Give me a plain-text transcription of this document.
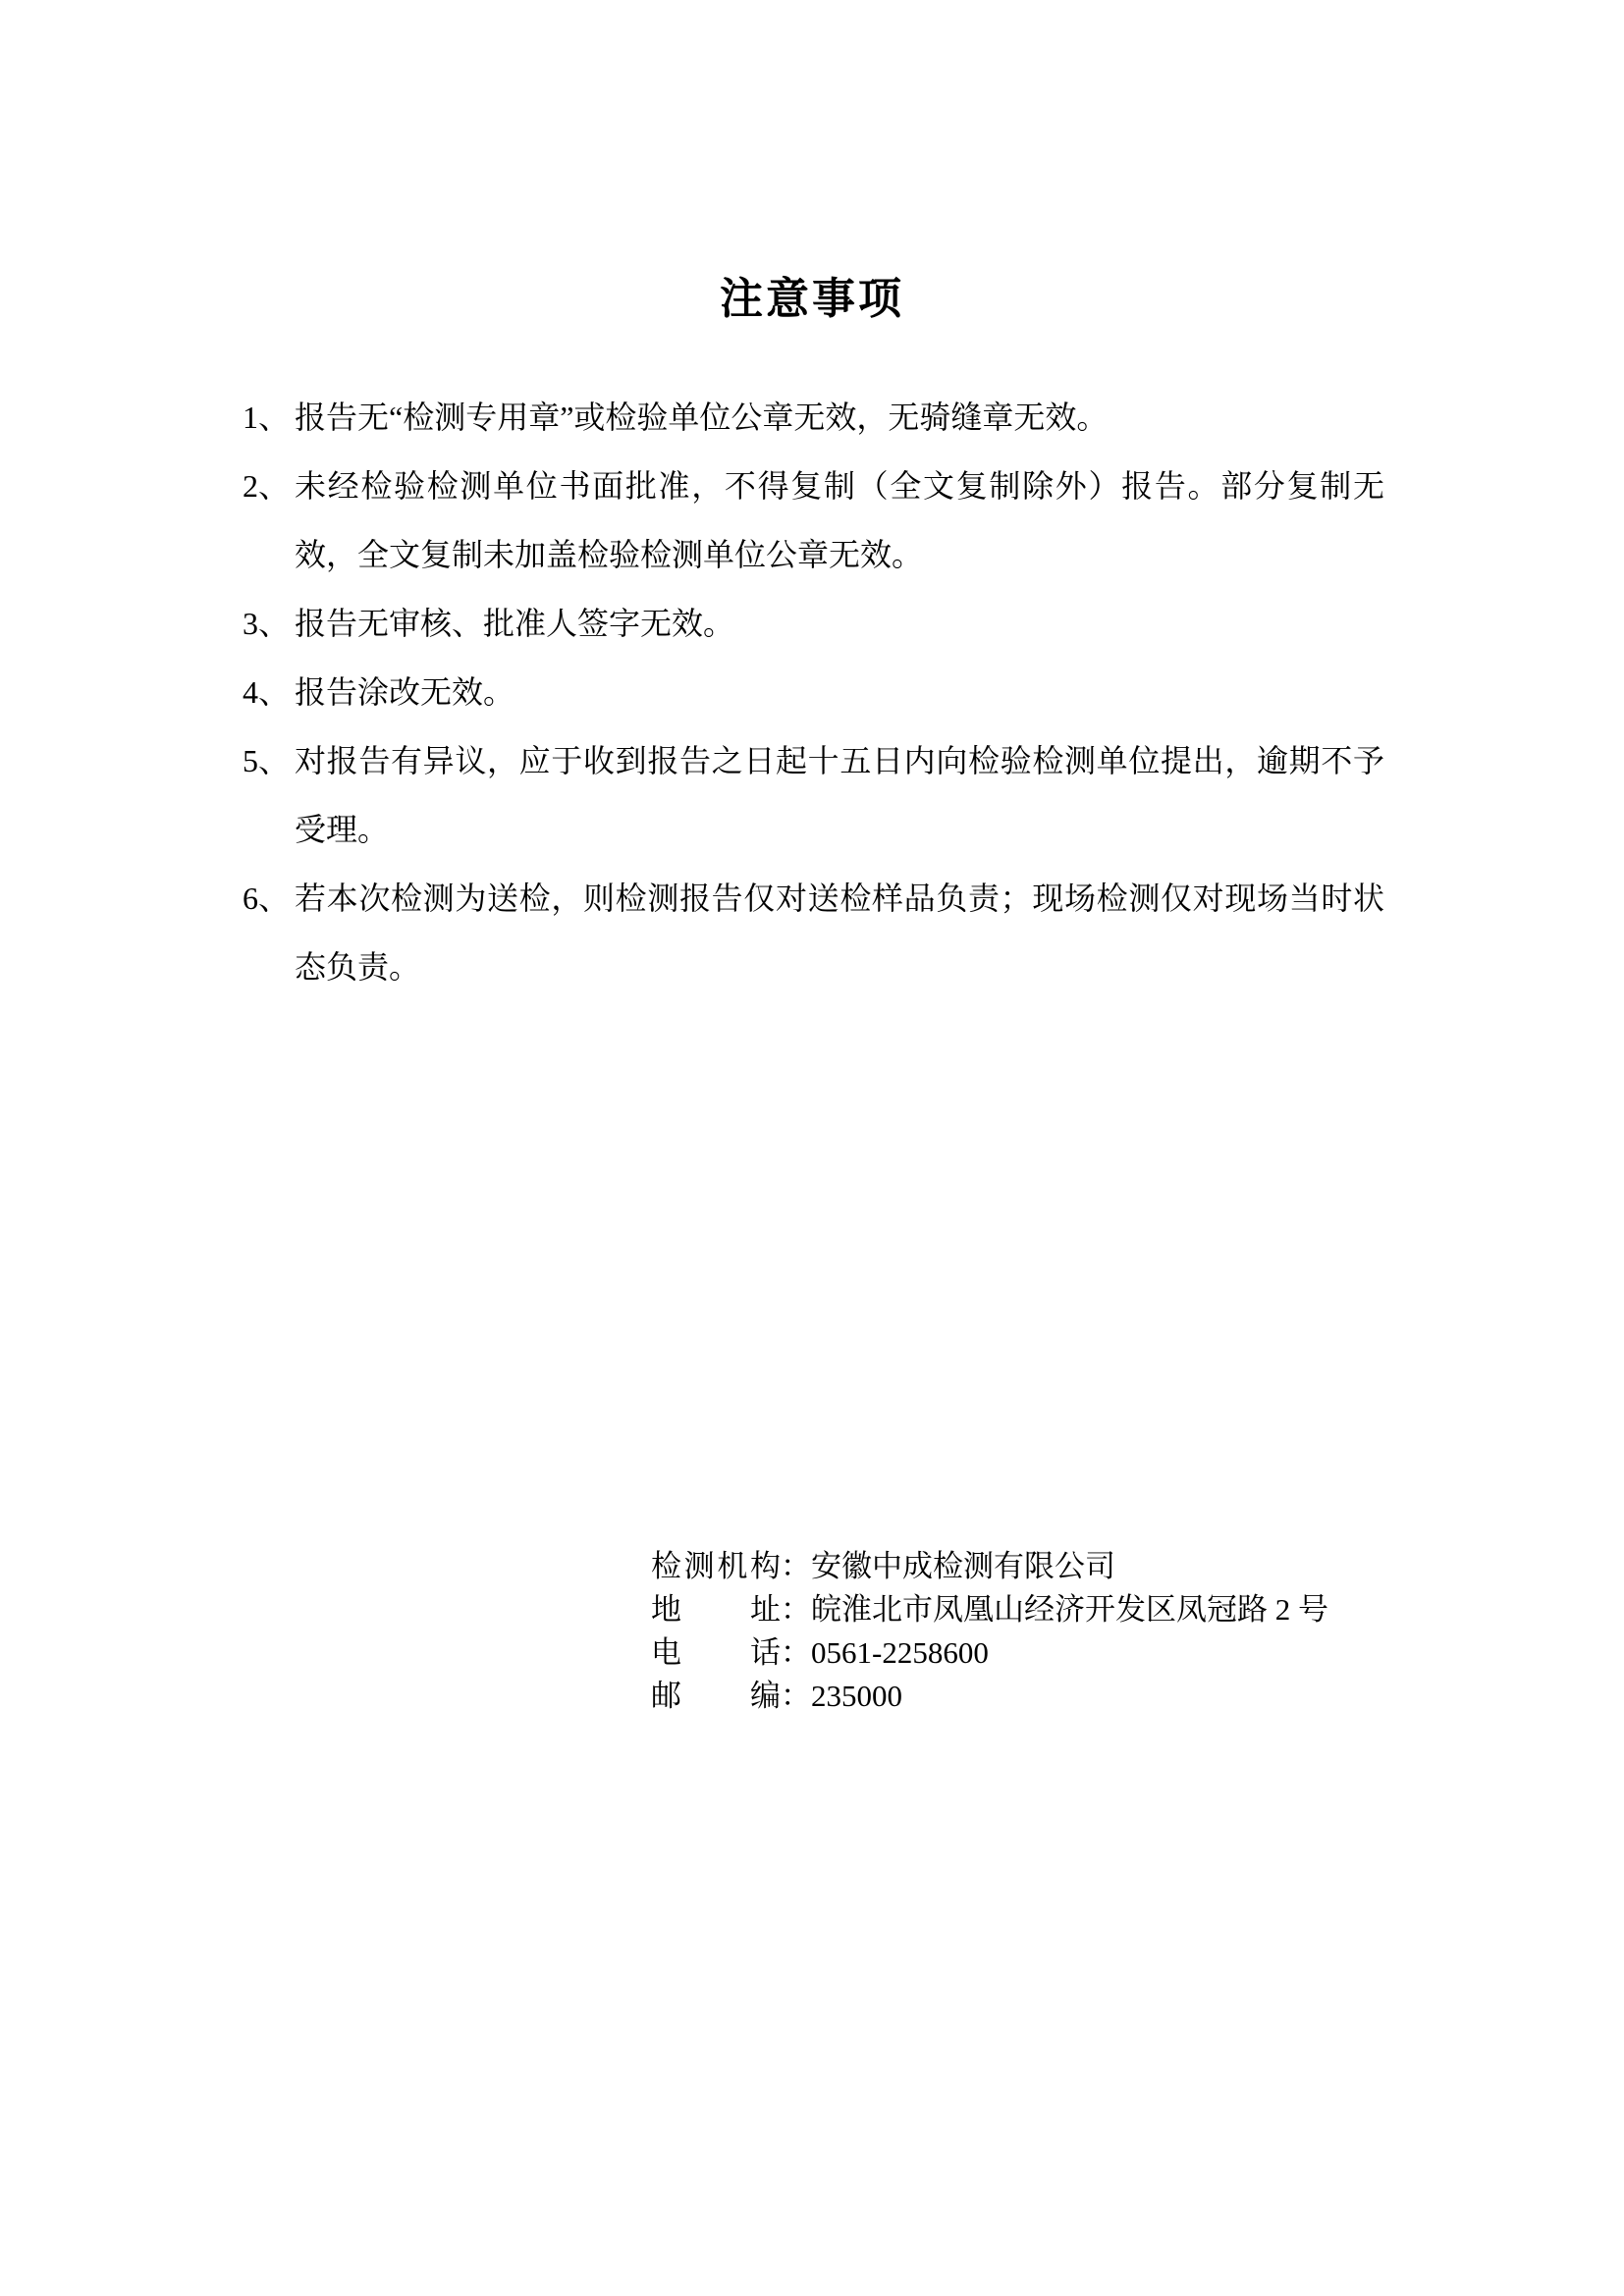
注意事项
1、 报告无“检测专用章”或检验单位公章无效，无骑缝章无效。
2、 未经检验检测单位书面批准，不得复制（全文复制除外）报告。部分复制无效，全文复制未加盖检验检测单位公章无效。
3、 报告无审核、批准人签字无效。
4、 报告涂改无效。
5、 对报告有异议，应于收到报告之日起十五日内向检验检测单位提出，逾期不予受理。
6、 若本次检测为送检，则检测报告仅对送检样品负责；现场检测仅对现场当时状态负责。
检测机构：安徽中成检测有限公司
地址：皖淮北市凤凰山经济开发区凤冠路 2 号
电话：0561-2258600
邮编：235000
